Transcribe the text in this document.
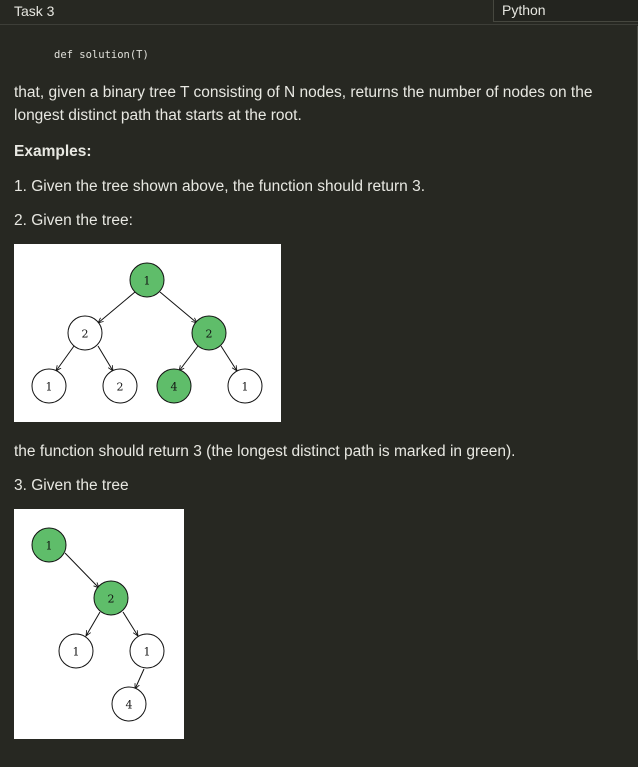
Task 3	Python
def solution(T)
that, given a binary tree T consisting of N nodes, returns the number of nodes on the longest distinct path that starts at the root.
Examples:
1. Given the tree shown above, the function should return 3.
2. Given the tree:
1
2	2
1	2	4	1
the function should return 3 (the longest distinct path is marked in green).
3. Given the tree
1
2
1	1
4
